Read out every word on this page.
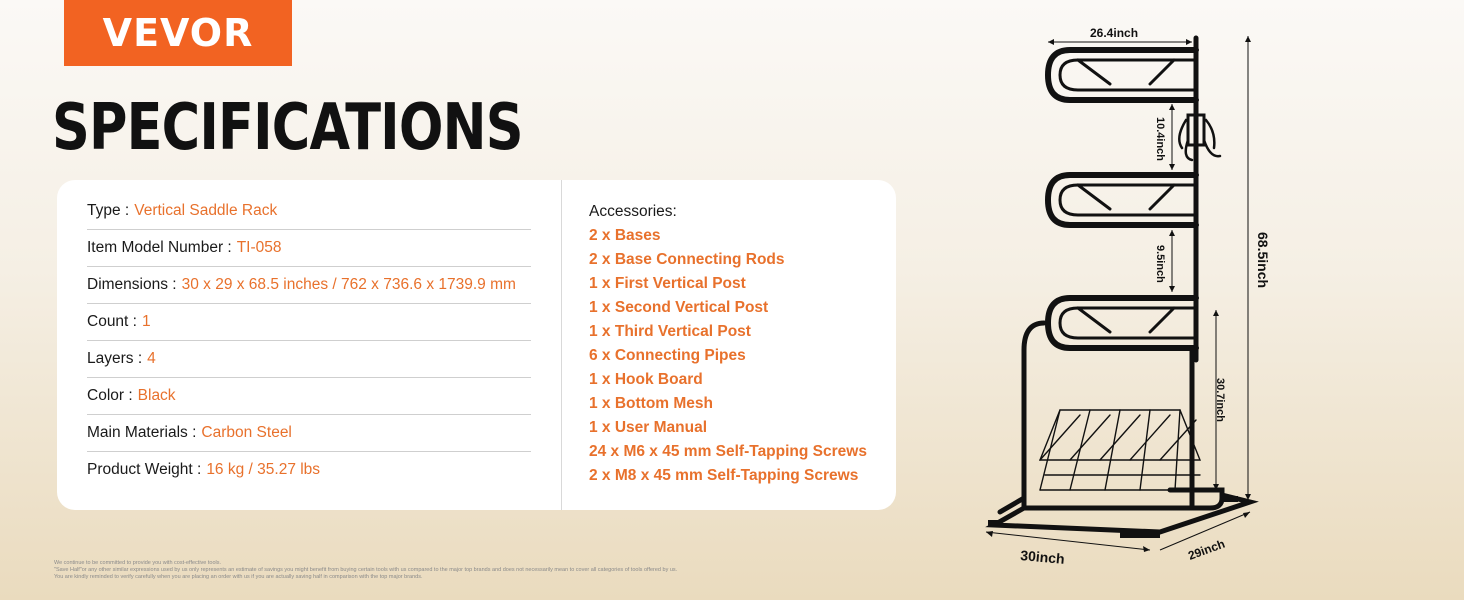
VEVOR
SPECIFICATIONS
Type : Vertical Saddle Rack
Item Model Number : TI-058
Dimensions : 30 x 29 x 68.5 inches / 762 x 736.6 x 1739.9 mm
Count : 1
Layers : 4
Color : Black
Main Materials : Carbon Steel
Product Weight : 16 kg / 35.27 lbs
Accessories:
2 x Bases
2 x Base Connecting Rods
1 x First Vertical Post
1 x Second Vertical Post
1 x Third Vertical Post
6 x Connecting Pipes
1 x Hook Board
1 x Bottom Mesh
1 x User Manual
24 x M6 x 45 mm Self-Tapping Screws
2 x M8 x 45 mm Self-Tapping Screws
We continue to be committed to provide you with cost-effective tools.
"Save Half"or any other similar expressions used by us only represents an estimate of savings you might benefit from buying certain tools with us compared to the major top brands and does not necessarily mean to cover all categories of tools offered by us.
You are kindly reminded to verify carefully when you are placing an order with us if you are actually saving half in comparison with the top major brands.
26.4inch
10.4inch
9.5inch
30.7inch
68.5inch
30inch	29inch
